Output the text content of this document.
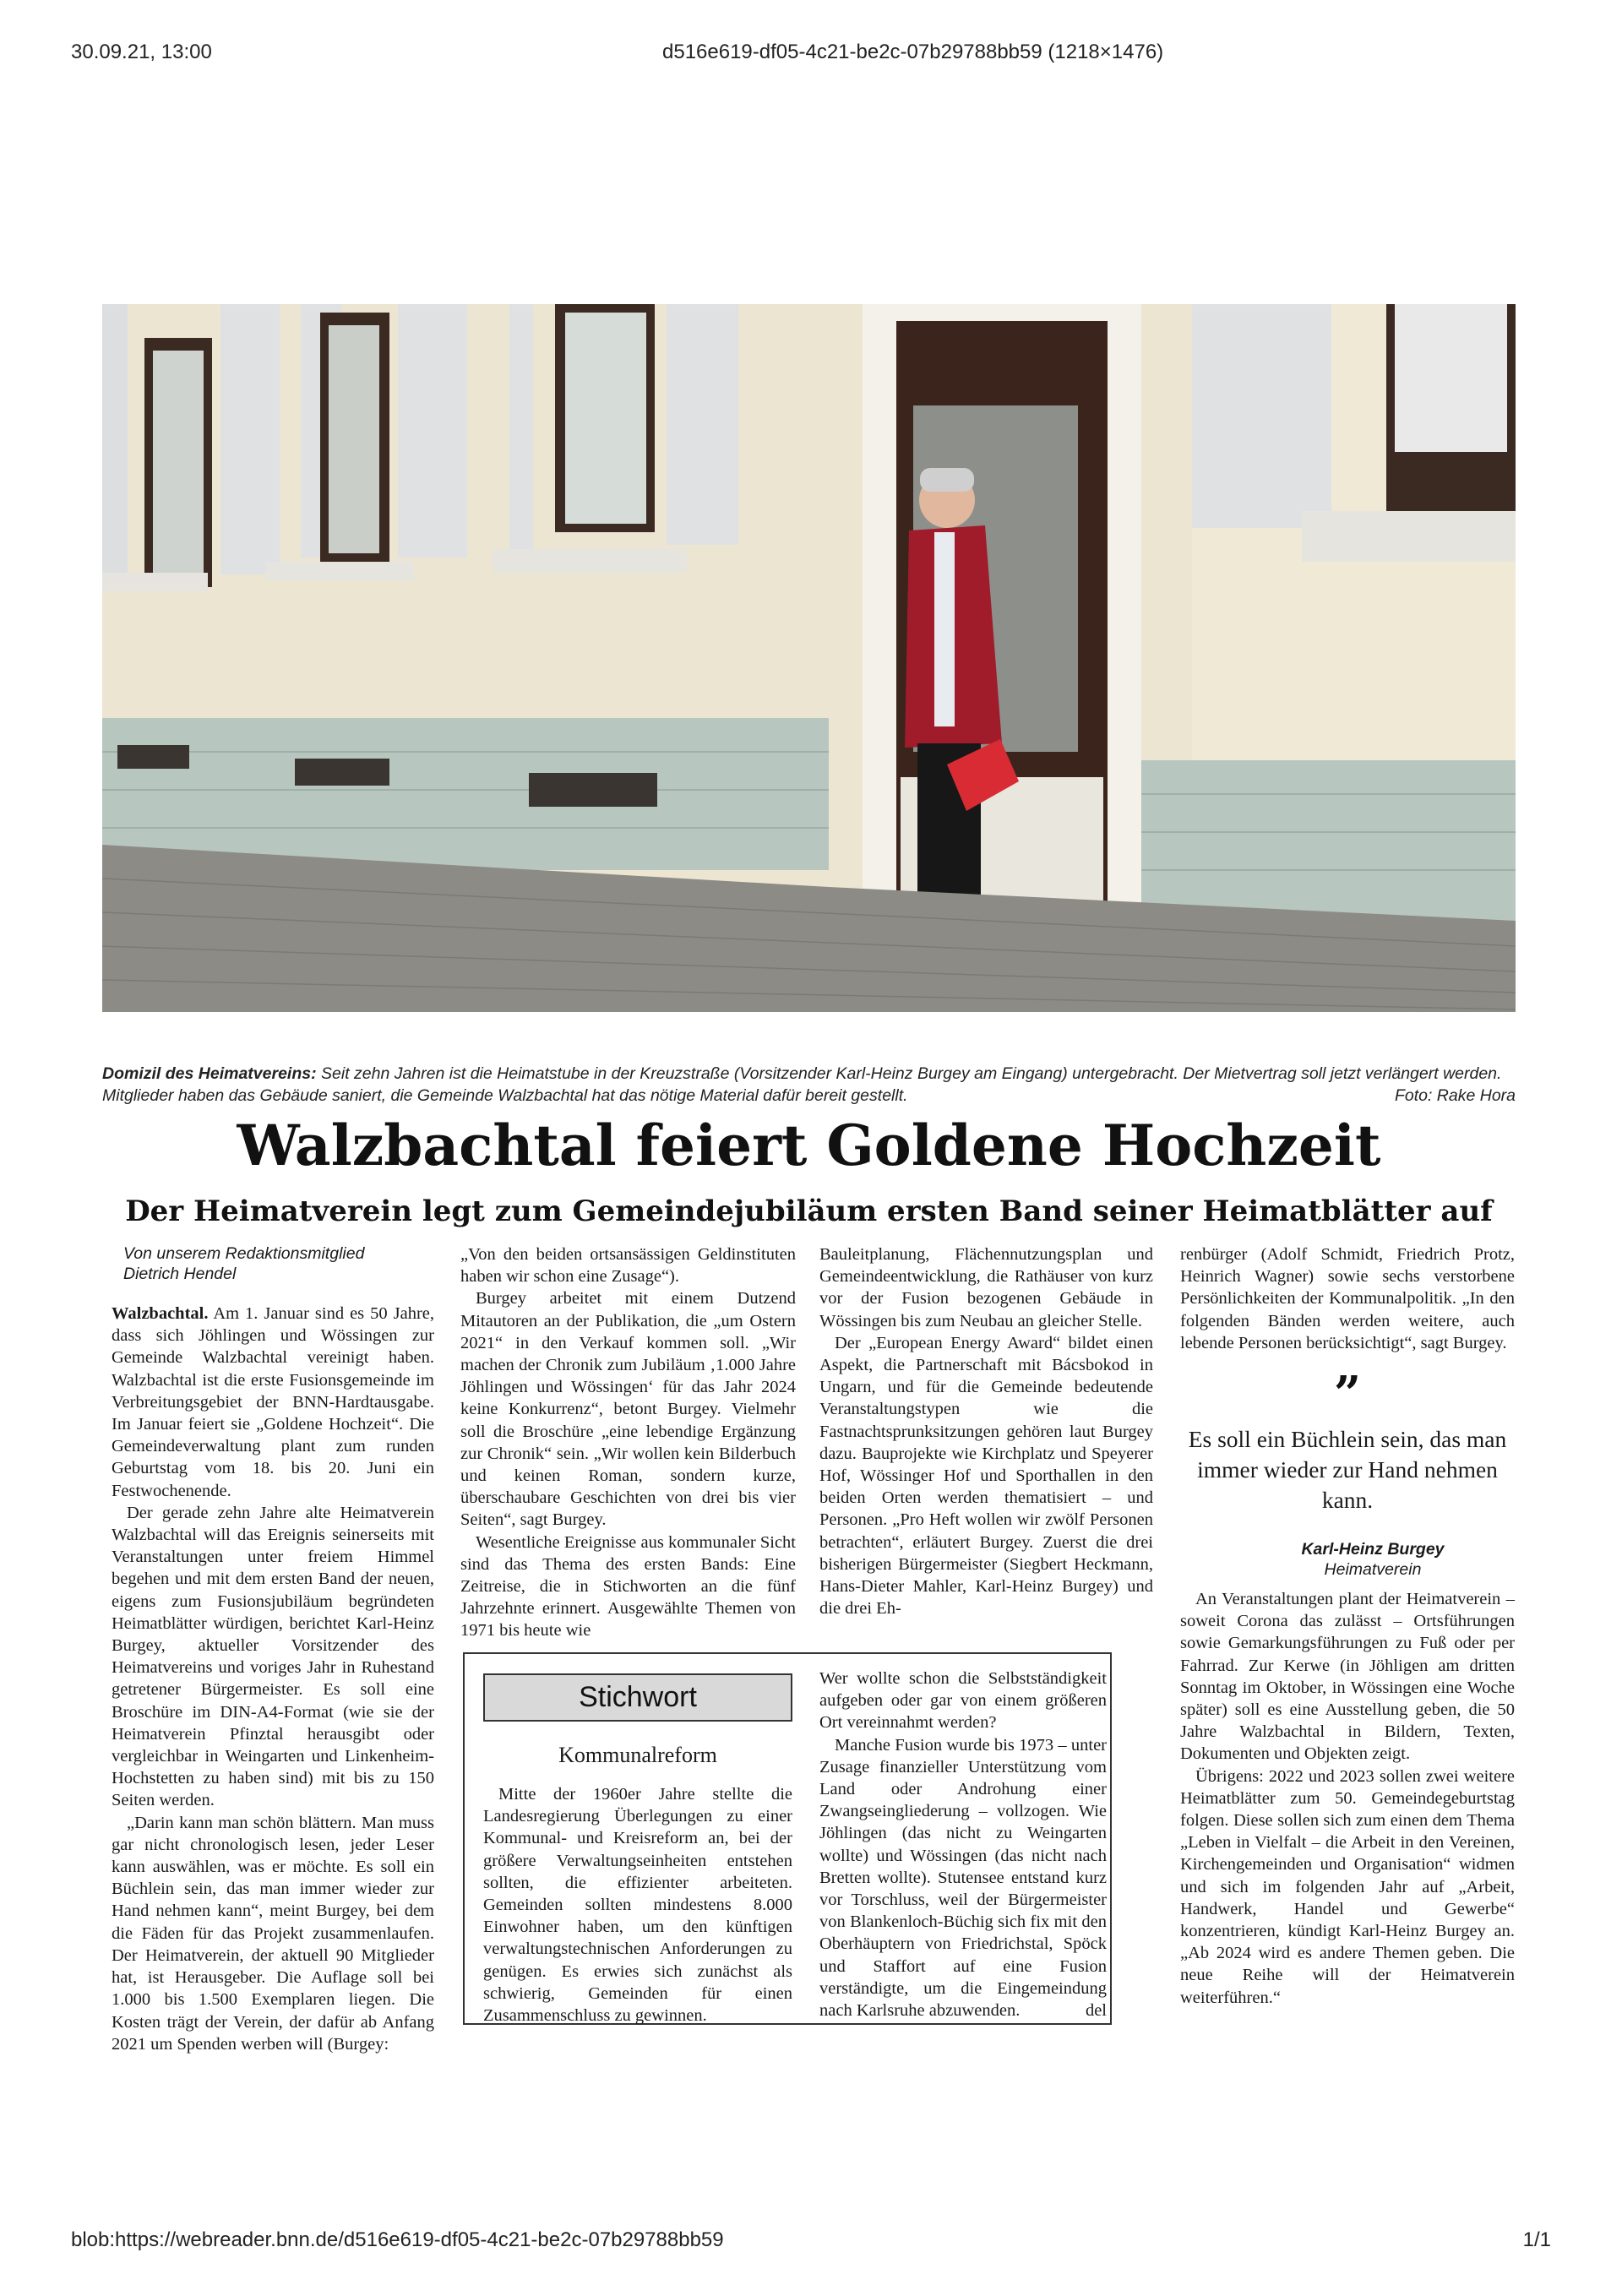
30.09.21, 13:00	d516e619-df05-4c21-be2c-07b29788bb59 (1218×1476)
Domizil des Heimatvereins: Seit zehn Jahren ist die Heimatstube in der Kreuzstraße (Vorsitzender Karl-Heinz Burgey am Eingang) untergebracht. Der Mietvertrag soll jetzt verlängert werden. Mitglieder haben das Gebäude saniert, die Gemeinde Walzbachtal hat das nötige Material dafür bereit gestellt.	Foto: Rake Hora
Walzbachtal feiert Goldene Hochzeit
Der Heimatverein legt zum Gemeindejubiläum ersten Band seiner Heimatblätter auf
Von unserem Redaktionsmitglied
Dietrich Hendel

Walzbachtal. Am 1. Januar sind es 50 Jahre, dass sich Jöhlingen und Wössingen zur Gemeinde Walzbachtal vereinigt haben. Walzbachtal ist die erste Fusionsgemeinde im Verbreitungsgebiet der BNN-Hardtausgabe. Im Januar feiert sie „Goldene Hochzeit“. Die Gemeindeverwaltung plant zum runden Geburtstag vom 18. bis 20. Juni ein Festwochenende.

Der gerade zehn Jahre alte Heimatverein Walzbachtal will das Ereignis seinerseits mit Veranstaltungen unter freiem Himmel begehen und mit dem ersten Band der neuen, eigens zum Fusionsjubiläum begründeten Heimatblätter würdigen, berichtet Karl-Heinz Burgey, aktueller Vorsitzender des Heimatvereins und voriges Jahr in Ruhestand getretener Bürgermeister. Es soll eine Broschüre im DIN-A4-Format (wie sie der Heimatverein Pfinztal herausgibt oder vergleichbar in Weingarten und Linkenheim-Hochstetten zu haben sind) mit bis zu 150 Seiten werden.

„Darin kann man schön blättern. Man muss gar nicht chronologisch lesen, jeder Leser kann auswählen, was er möchte. Es soll ein Büchlein sein, das man immer wieder zur Hand nehmen kann“, meint Burgey, bei dem die Fäden für das Projekt zusammenlaufen. Der Heimatverein, der aktuell 90 Mitglieder hat, ist Herausgeber. Die Auflage soll bei 1.000 bis 1.500 Exemplaren liegen. Die Kosten trägt der Verein, der dafür ab Anfang 2021 um Spenden werben will (Burgey:

„Von den beiden ortsansässigen Geldinstituten haben wir schon eine Zusage“).

Burgey arbeitet mit einem Dutzend Mitautoren an der Publikation, die „um Ostern 2021“ in den Verkauf kommen soll. „Wir machen der Chronik zum Jubiläum ‚1.000 Jahre Jöhlingen und Wössingen‘ für das Jahr 2024 keine Konkurrenz“, betont Burgey. Vielmehr soll die Broschüre „eine lebendige Ergänzung zur Chronik“ sein. „Wir wollen kein Bilderbuch und keinen Roman, sondern kurze, überschaubare Geschichten von drei bis vier Seiten“, sagt Burgey.

Wesentliche Ereignisse aus kommunaler Sicht sind das Thema des ersten Bands: Eine Zeitreise, die in Stichworten an die fünf Jahrzehnte erinnert. Ausgewählte Themen von 1971 bis heute wie

Bauleitplanung, Flächennutzungsplan und Gemeindeentwicklung, die Rathäuser von kurz vor der Fusion bezogenen Gebäude in Wössingen bis zum Neubau an gleicher Stelle.

Der „European Energy Award“ bildet einen Aspekt, die Partnerschaft mit Bácsbokod in Ungarn, und für die Gemeinde bedeutende Veranstaltungstypen wie die Fastnachtsprunksitzungen gehören laut Burgey dazu. Bauprojekte wie Kirchplatz und Speyerer Hof, Wössinger Hof und Sporthallen in den beiden Orten werden thematisiert – und Personen. „Pro Heft wollen wir zwölf Personen betrachten“, erläutert Burgey. Zuerst die drei bisherigen Bürgermeister (Siegbert Heckmann, Hans-Dieter Mahler, Karl-Heinz Burgey) und die drei Eh-

renbürger (Adolf Schmidt, Friedrich Protz, Heinrich Wagner) sowie sechs verstorbene Persönlichkeiten der Kommunalpolitik. „In den folgenden Bänden werden weitere, auch lebende Personen berücksichtigt“, sagt Burgey.

”
Es soll ein Büchlein sein, das man immer wieder zur Hand nehmen kann.
Karl-Heinz Burgey
Heimatverein

An Veranstaltungen plant der Heimatverein – soweit Corona das zulässt – Ortsführungen sowie Gemarkungsführungen zu Fuß oder per Fahrrad. Zur Kerwe (in Jöhligen am dritten Sonntag im Oktober, in Wössingen eine Woche später) soll es eine Ausstellung geben, die 50 Jahre Walzbachtal in Bildern, Texten, Dokumenten und Objekten zeigt.

Übrigens: 2022 und 2023 sollen zwei weitere Heimatblätter zum 50. Gemeindegeburtstag folgen. Diese sollen sich zum einen dem Thema „Leben in Vielfalt – die Arbeit in den Vereinen, Kirchengemeinden und Organisation“ widmen und sich im folgenden Jahr auf „Arbeit, Handwerk, Handel und Gewerbe“ konzentrieren, kündigt Karl-Heinz Burgey an. „Ab 2024 wird es andere Themen geben. Die neue Reihe will der Heimatverein weiterführen.“

Stichwort
Kommunalreform

Mitte der 1960er Jahre stellte die Landesregierung Überlegungen zu einer Kommunal- und Kreisreform an, bei der größere Verwaltungseinheiten entstehen sollten, die effizienter arbeiteten. Gemeinden sollten mindestens 8.000 Einwohner haben, um den künftigen verwaltungstechnischen Anforderungen zu genügen. Es erwies sich zunächst als schwierig, Gemeinden für einen Zusammenschluss zu gewinnen.

Wer wollte schon die Selbstständigkeit aufgeben oder gar von einem größeren Ort vereinnahmt werden?

Manche Fusion wurde bis 1973 – unter Zusage finanzieller Unterstützung vom Land oder Androhung einer Zwangseingliederung – vollzogen. Wie Jöhlingen (das nicht zu Weingarten wollte) und Wössingen (das nicht nach Bretten wollte). Stutensee entstand kurz vor Torschluss, weil der Bürgermeister von Blankenloch-Büchig sich fix mit den Oberhäuptern von Friedrichstal, Spöck und Staffort auf eine Fusion verständigte, um die Eingemeindung nach Karlsruhe abzuwenden.	del

blob:https://webreader.bnn.de/d516e619-df05-4c21-be2c-07b29788bb59	1/1
